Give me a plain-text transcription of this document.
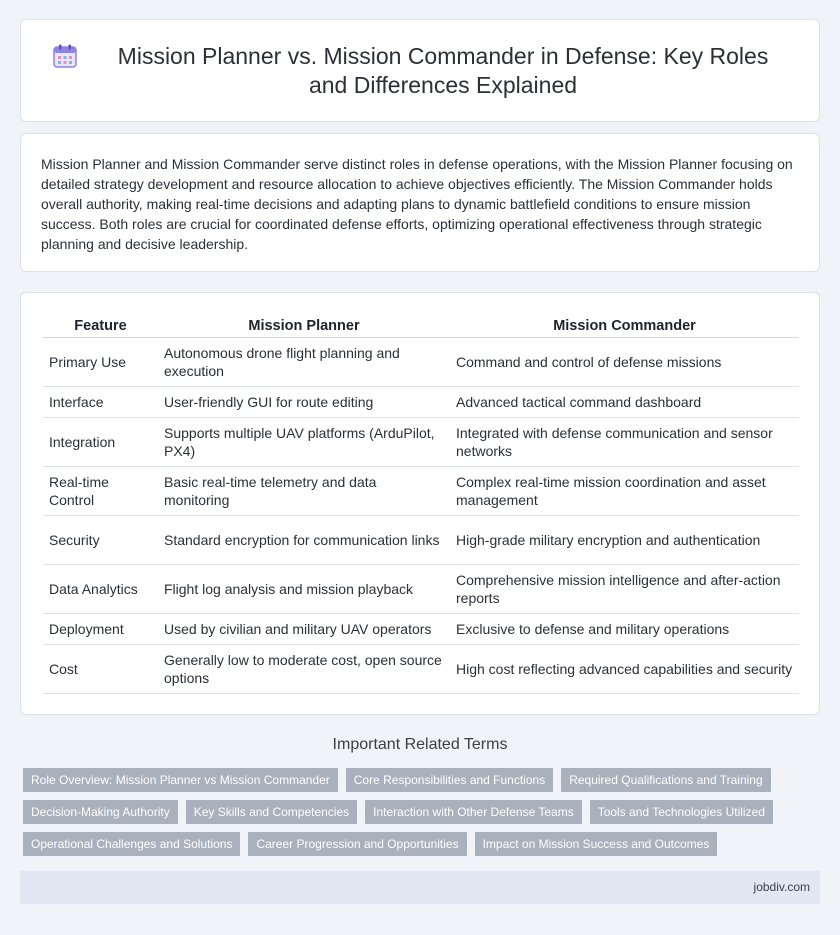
Mission Planner vs. Mission Commander in Defense: Key Roles and Differences Explained

Mission Planner and Mission Commander serve distinct roles in defense operations, with the Mission Planner focusing on detailed strategy development and resource allocation to achieve objectives efficiently. The Mission Commander holds overall authority, making real-time decisions and adapting plans to dynamic battlefield conditions to ensure mission success. Both roles are crucial for coordinated defense efforts, optimizing operational effectiveness through strategic planning and decisive leadership.

Feature	Mission Planner	Mission Commander
Primary Use	Autonomous drone flight planning and execution	Command and control of defense missions
Interface	User-friendly GUI for route editing	Advanced tactical command dashboard
Integration	Supports multiple UAV platforms (ArduPilot, PX4)	Integrated with defense communication and sensor networks
Real-time Control	Basic real-time telemetry and data monitoring	Complex real-time mission coordination and asset management
Security	Standard encryption for communication links	High-grade military encryption and authentication
Data Analytics	Flight log analysis and mission playback	Comprehensive mission intelligence and after-action reports
Deployment	Used by civilian and military UAV operators	Exclusive to defense and military operations
Cost	Generally low to moderate cost, open source options	High cost reflecting advanced capabilities and security
Important Related Terms
Role Overview: Mission Planner vs Mission Commander	Core Responsibilities and Functions	Required Qualifications and Training
Decision-Making Authority	Key Skills and Competencies	Interaction with Other Defense Teams	Tools and Technologies Utilized
Operational Challenges and Solutions	Career Progression and Opportunities	Impact on Mission Success and Outcomes
jobdiv.com
